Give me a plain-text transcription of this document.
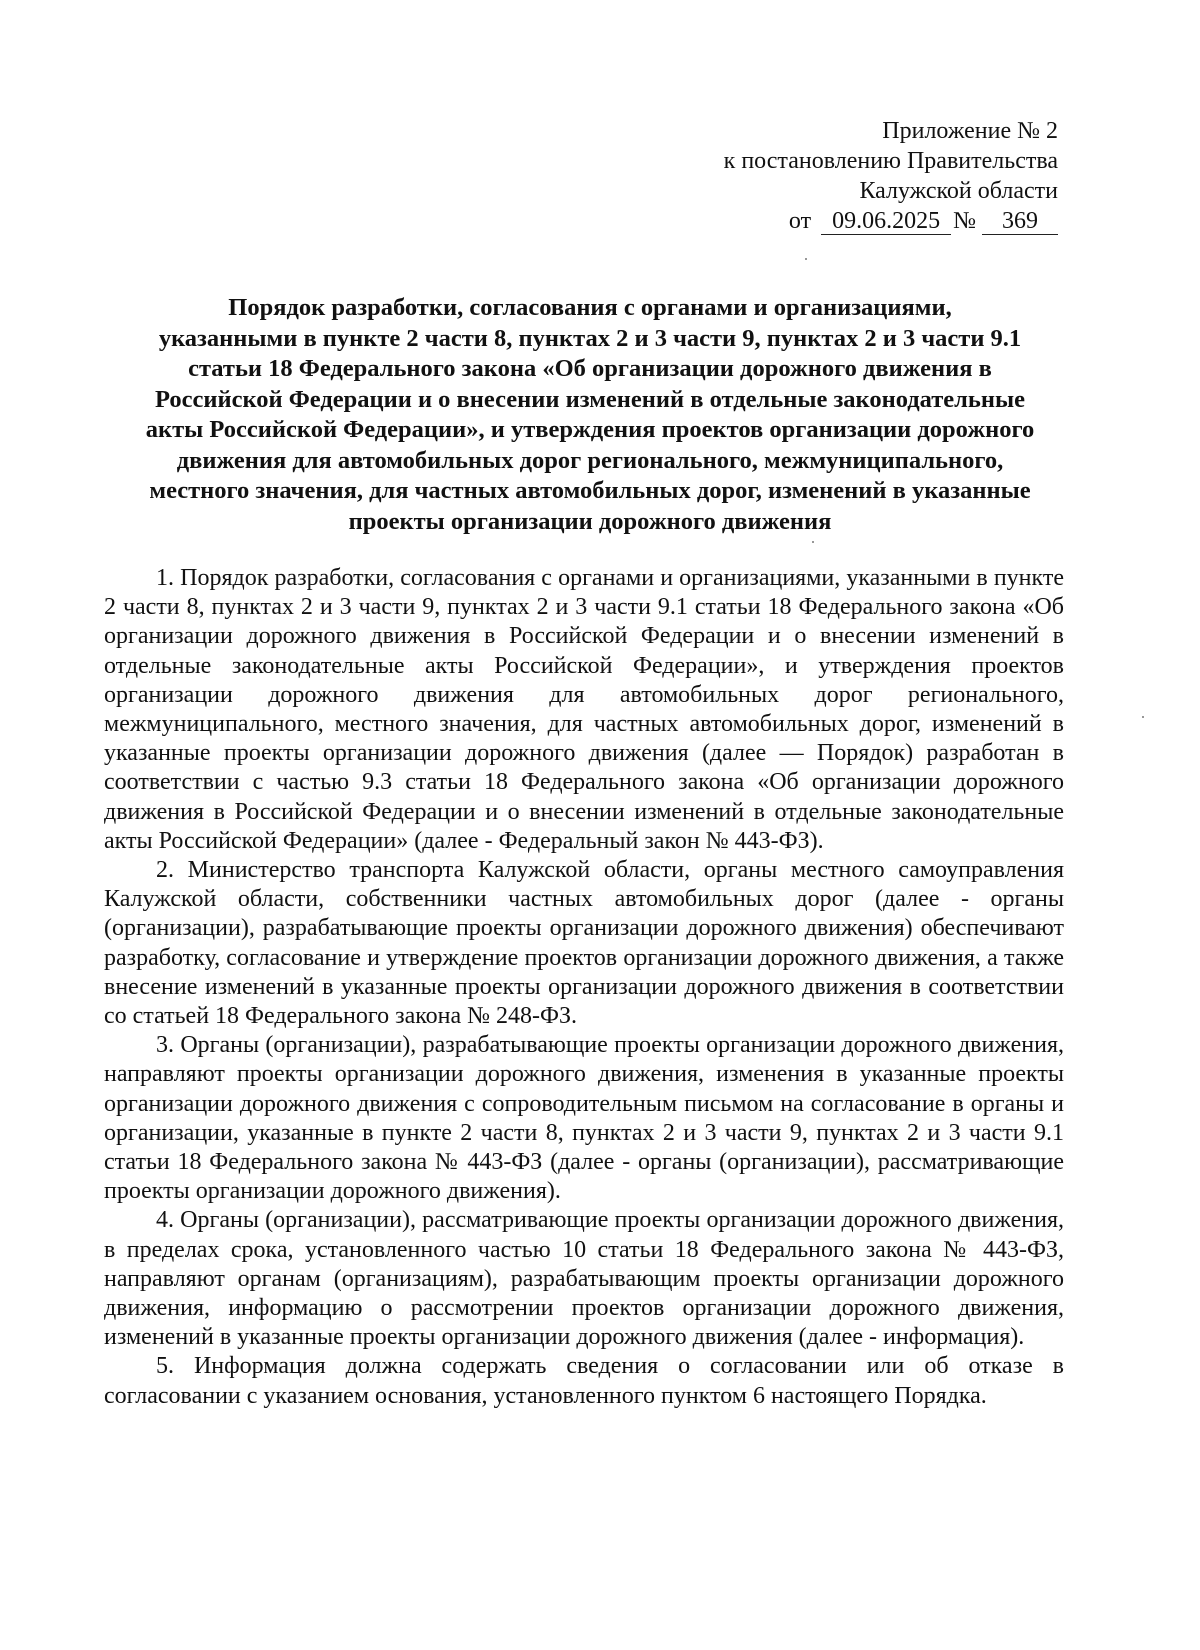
Приложение № 2
к постановлению Правительства
Калужской области
от 09.06.2025 №	369
Порядок разработки, согласования с органами и организациями,
указанными в пункте 2 части 8, пунктах 2 и 3 части 9, пунктах 2 и 3 части 9.1
статьи 18 Федерального закона «Об организации дорожного движения в
Российской Федерации и о внесении изменений в отдельные законодательные
акты Российской Федерации», и утверждения проектов организации дорожного
движения для автомобильных дорог регионального, межмуниципального,
местного значения, для частных автомобильных дорог, изменений в указанные
проекты организации дорожного движения

1. Порядок разработки, согласования с органами и организациями, указанными в пункте 2 части 8, пунктах 2 и 3 части 9, пунктах 2 и 3 части 9.1 статьи 18 Федерального закона «Об организации дорожного движения в Российской Федерации и о внесении изменений в отдельные законодательные акты Российской Федерации», и утверждения проектов организации дорожного движения для автомобильных дорог регионального, межмуниципального, местного значения, для частных автомобильных дорог, изменений в указанные проекты организации дорожного движения (далее — Порядок) разработан в соответствии с частью 9.3 статьи 18 Федерального закона «Об организации дорожного движения в Российской Федерации и о внесении изменений в отдельные законодательные акты Российской Федерации» (далее - Федеральный закон № 443-ФЗ).

2. Министерство транспорта Калужской области, органы местного самоуправления Калужской области, собственники частных автомобильных дорог (далее - органы (организации), разрабатывающие проекты организации дорожного движения) обеспечивают разработку, согласование и утверждение проектов организации дорожного движения, а также внесение изменений в указанные проекты организации дорожного движения в соответствии со статьей 18 Федерального закона № 248-ФЗ.

3. Органы (организации), разрабатывающие проекты организации дорожного движения, направляют проекты организации дорожного движения, изменения в указанные проекты организации дорожного движения с сопроводительным письмом на согласование в органы и организации, указанные в пункте 2 части 8, пунктах 2 и 3 части 9, пунктах 2 и 3 части 9.1 статьи 18 Федерального закона № 443-ФЗ (далее - органы (организации), рассматривающие проекты организации дорожного движения).

4. Органы (организации), рассматривающие проекты организации дорожного движения, в пределах срока, установленного частью 10 статьи 18 Федерального закона № 443-ФЗ, направляют органам (организациям), разрабатывающим проекты организации дорожного движения, информацию о рассмотрении проектов организации дорожного движения, изменений в указанные проекты организации дорожного движения (далее - информация).

5. Информация должна содержать сведения о согласовании или об отказе в согласовании с указанием основания, установленного пунктом 6 настоящего Порядка.
